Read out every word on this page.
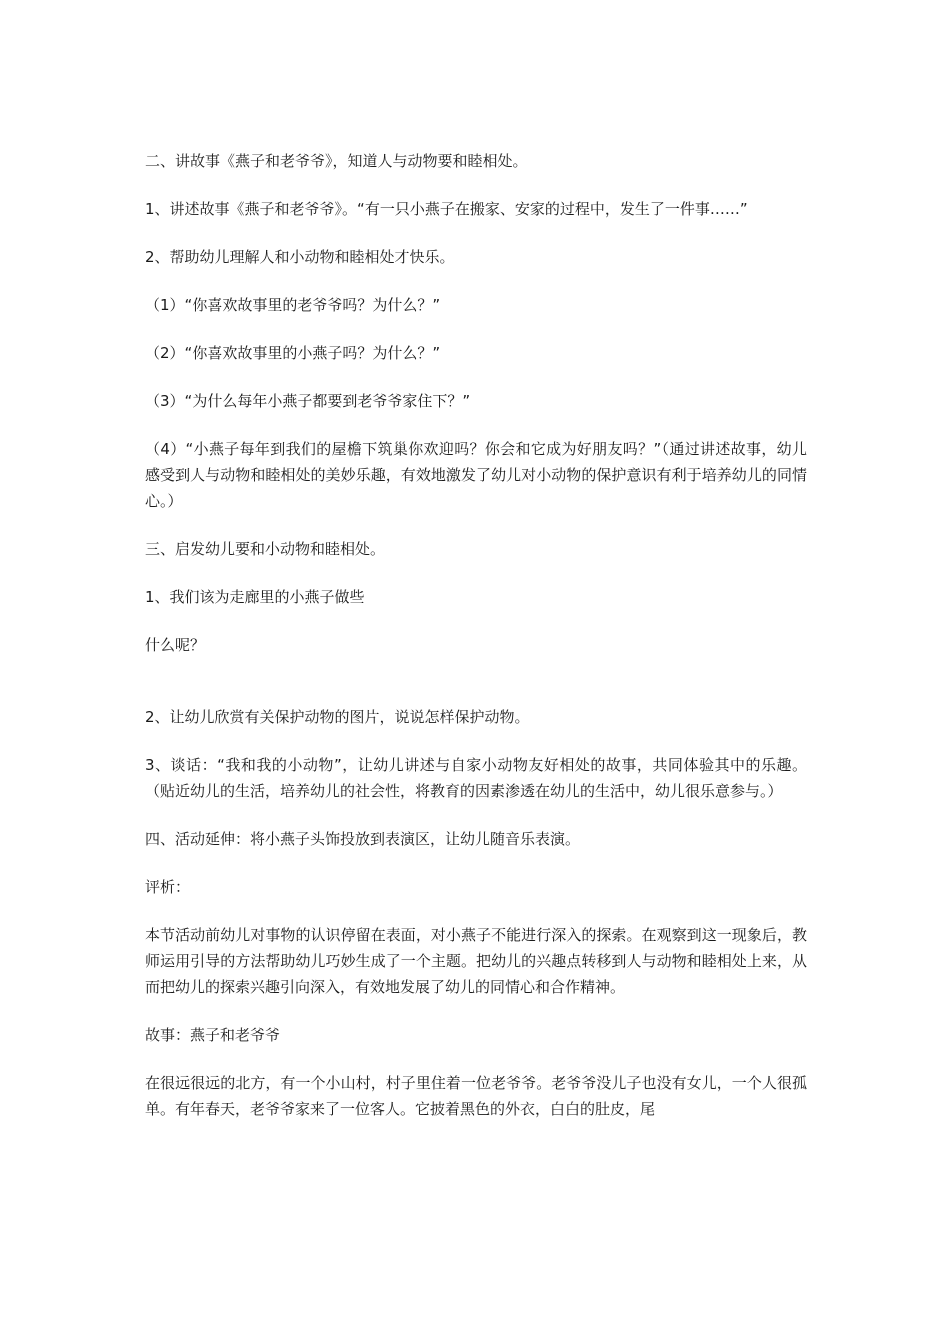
二、讲故事《燕子和老爷爷》，知道人与动物要和睦相处。

1、讲述故事《燕子和老爷爷》。“有一只小燕子在搬家、安家的过程中，发生了一件事……”

2、帮助幼儿理解人和小动物和睦相处才快乐。

（1）“你喜欢故事里的老爷爷吗？为什么？”

（2）“你喜欢故事里的小燕子吗？为什么？”

（3）“为什么每年小燕子都要到老爷爷家住下？”

（4）“小燕子每年到我们的屋檐下筑巢你欢迎吗？你会和它成为好朋友吗？”（通过讲述故事，幼儿感受到人与动物和睦相处的美妙乐趣，有效地激发了幼儿对小动物的保护意识有利于培养幼儿的同情心。）

三、启发幼儿要和小动物和睦相处。

1、我们该为走廊里的小燕子做些

什么呢？

2、让幼儿欣赏有关保护动物的图片，说说怎样保护动物。

3、谈话：“我和我的小动物”，让幼儿讲述与自家小动物友好相处的故事，共同体验其中的乐趣。（贴近幼儿的生活，培养幼儿的社会性，将教育的因素渗透在幼儿的生活中，幼儿很乐意参与。）

四、活动延伸：将小燕子头饰投放到表演区，让幼儿随音乐表演。

评析：

本节活动前幼儿对事物的认识停留在表面，对小燕子不能进行深入的探索。在观察到这一现象后，教师运用引导的方法帮助幼儿巧妙生成了一个主题。把幼儿的兴趣点转移到人与动物和睦相处上来，从而把幼儿的探索兴趣引向深入，有效地发展了幼儿的同情心和合作精神。

故事：燕子和老爷爷

在很远很远的北方，有一个小山村，村子里住着一位老爷爷。老爷爷没儿子也没有女儿，一个人很孤单。有年春天，老爷爷家来了一位客人。它披着黑色的外衣，白白的肚皮，尾
